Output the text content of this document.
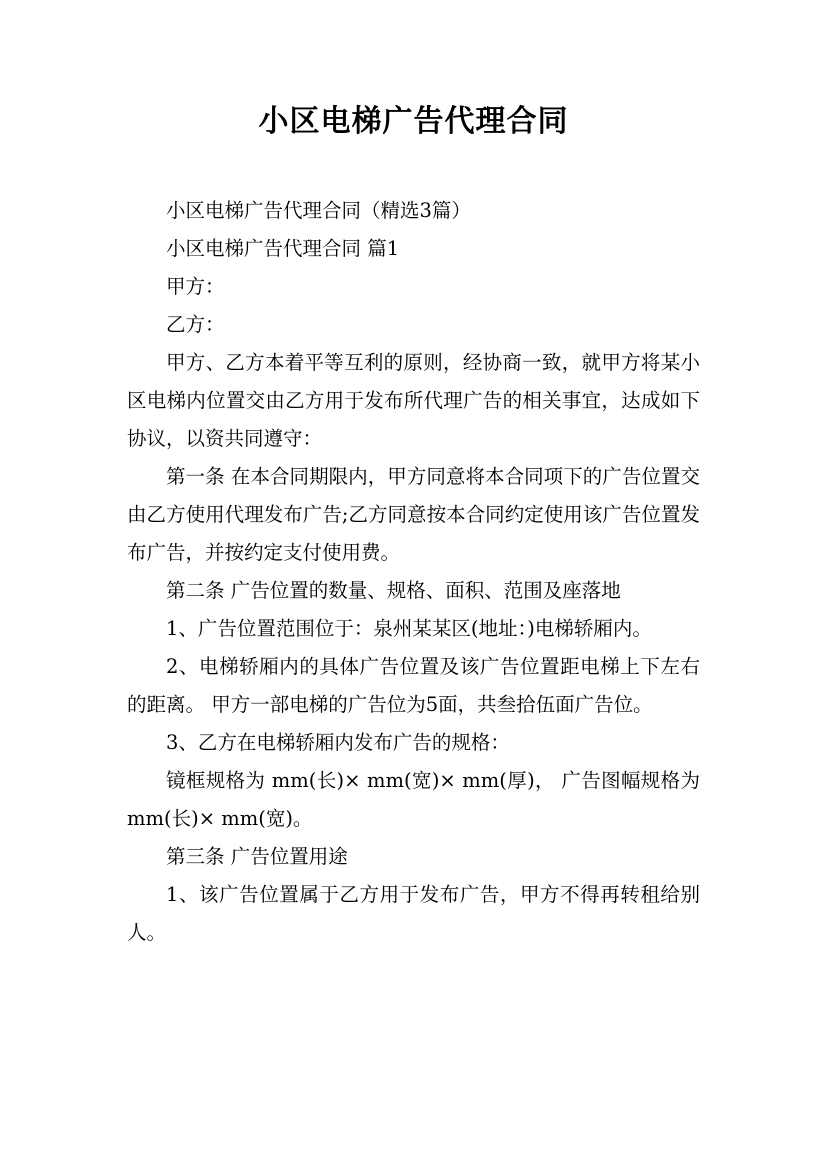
小区电梯广告代理合同

小区电梯广告代理合同（精选3篇）

小区电梯广告代理合同 篇1

甲方：

乙方：

甲方、乙方本着平等互利的原则，经协商一致，就甲方将某小区电梯内位置交由乙方用于发布所代理广告的相关事宜，达成如下协议，以资共同遵守：

第一条 在本合同期限内，甲方同意将本合同项下的广告位置交由乙方使用代理发布广告;乙方同意按本合同约定使用该广告位置发布广告，并按约定支付使用费。

第二条 广告位置的数量、规格、面积、范围及座落地

1、广告位置范围位于：泉州某某区(地址：)电梯轿厢内。

2、电梯轿厢内的具体广告位置及该广告位置距电梯上下左右的距离。 甲方一部电梯的广告位为5面，共叁拾伍面广告位。

3、乙方在电梯轿厢内发布广告的规格：

镜框规格为 mm(长)× mm(宽)× mm(厚)， 广告图幅规格为 mm(长)× mm(宽)。

第三条 广告位置用途

1、该广告位置属于乙方用于发布广告，甲方不得再转租给别人。
